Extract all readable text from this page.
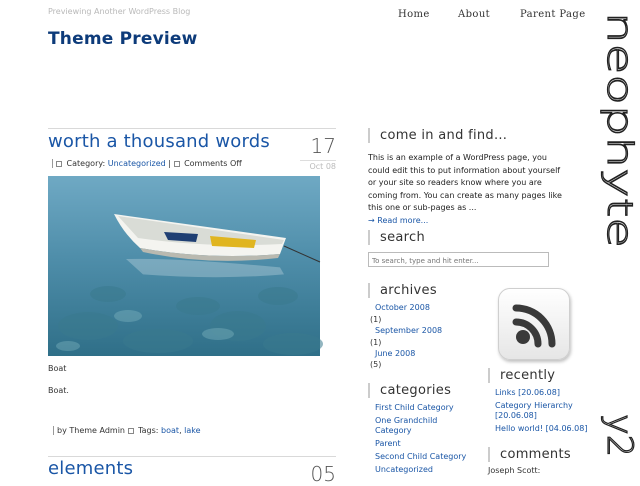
Previewing Another WordPress Blog
Theme Preview
Home	About	Parent Page neophyte
y2
worth a thousand words	17
Oct 08
Category: Uncategorized | Comments Off
Boat
Boat.
by Theme Admin Tags: boat, lake
elements	05
come in and find...
This is an example of a WordPress page, you could edit this to put information about yourself or your site so readers know where you are coming from. You can create as many pages like this one or sub-pages as ...
→ Read more...
search
To search, type and hit enter...
archives
October 2008
(1)
September 2008
(1)
June 2008
(5)
categories
First Child Category
One Grandchild Category
Parent
Second Child Category
Uncategorized
recently
Links [20.06.08]
Category Hierarchy [20.06.08]
Hello world! [04.06.08]
comments
Joseph Scott:
